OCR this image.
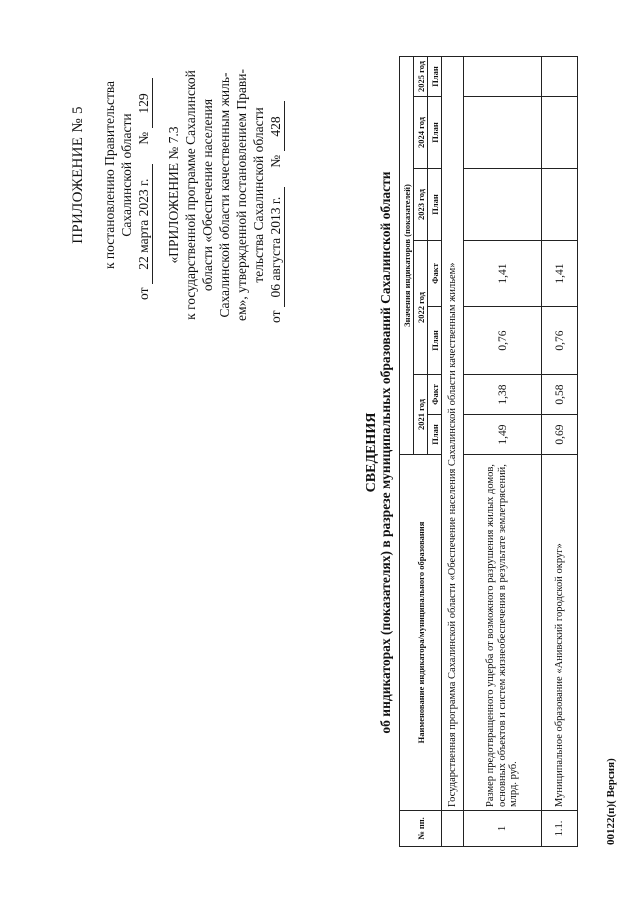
ПРИЛОЖЕНИЕ № 5 к постановлению Правительства Сахалинской области
от 22 марта 2023 г. № 129
«ПРИЛОЖЕНИЕ № 7.3 к государственной программе Сахалинской области «Обеспечение населения Сахалинской области качественным жиль- ем», утвержденной постановлением Прави- тельства Сахалинской области
от 06 августа 2013 г. № 428
СВЕДЕНИЯ об индикаторах (показателях) в разрезе муниципальных образований Сахалинской области
№ пп.	Наименование индикатора/муниципального образования	Значения индикаторов (показателей)						
		2021 год		2022 год		2023 год	2024 год	2025 год
		План	Факт	План	Факт	План	План	План
	Государственная программа Сахалинской области «Обеспечение населения Сахалинской области качественным жильем»							
1	Размер предотвращенного ущерба от возможного разрушения жилых домов, основных объектов и систем жизнеобеспечения в результате землетрясений, млрд. руб.	1,49	1,38	0,76	1,41			
1.1.	Муниципальное образование «Анивский городской округ»	0,69	0,58	0,76	1,41			
00122(п)( Версия)
